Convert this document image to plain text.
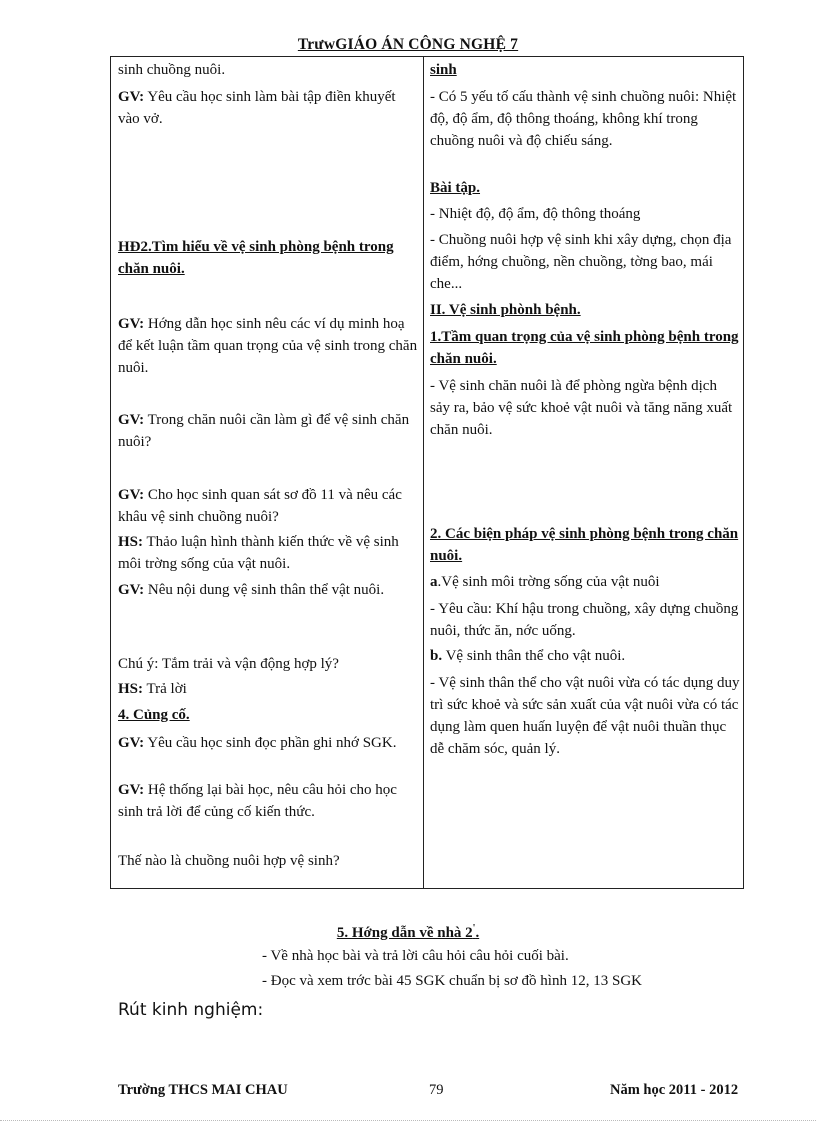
TrưwGIÁO ÁN CÔNG NGHỆ 7

sinh chuồng nuôi.

GV: Yêu cầu học sinh làm bài tập điền khuyết vào vở.

HĐ2.Tìm hiểu về vệ sinh phòng bệnh trong chăn nuôi.

GV: Hớng dẫn học sinh nêu các ví dụ minh hoạ để kết luận tầm quan trọng của vệ sinh trong chăn nuôi.

GV: Trong chăn nuôi cần làm gì để vệ sinh chăn nuôi?

GV: Cho học sinh quan sát sơ đồ 11 và nêu các khâu vệ sinh chuồng nuôi?

HS: Thảo luận hình thành kiến thức về vệ sinh môi trờng sống của vật nuôi.

GV: Nêu nội dung vệ sinh thân thể vật nuôi.

Chú ý: Tắm trải và vận động hợp lý?

HS: Trả lời

4. Củng cố.

GV: Yêu cầu học sinh đọc phần ghi nhớ SGK.

GV: Hệ thống lại bài học, nêu câu hỏi cho học sinh trả lời để củng cố kiến thức.

Thế nào là chuồng nuôi hợp vệ sinh?

sinh

- Có 5 yếu tố cấu thành vệ sinh chuồng nuôi: Nhiệt độ, độ ẩm, độ thông thoáng, không khí trong chuồng nuôi và độ chiếu sáng.

Bài tập.

- Nhiệt độ, độ ẩm, độ thông thoáng

- Chuồng nuôi hợp vệ sinh khi xây dựng, chọn địa điểm, hớng chuồng, nền chuồng, tờng bao, mái che...

II. Vệ sinh phònh bệnh.

1.Tầm quan trọng của vệ sinh phòng bệnh trong chăn nuôi.

- Vệ sinh chăn nuôi là để phòng ngừa bệnh dịch sảy ra, bảo vệ sức khoẻ vật nuôi và tăng năng xuất chăn nuôi.

2. Các biện pháp vệ sinh phòng bệnh trong chăn nuôi.

a.Vệ sinh môi trờng sống của vật nuôi

- Yêu cầu: Khí hậu trong chuồng, xây dựng chuồng nuôi, thức ăn, nớc uống.

b. Vệ sinh thân thể cho vật nuôi.

- Vệ sinh thân thể cho vật nuôi vừa có tác dụng duy trì sức khoẻ và sức sản xuất của vật nuôi vừa có tác dụng làm quen huấn luyện để vật nuôi thuần thục dễ chăm sóc, quản lý.

5. Hớng dẫn về nhà 2'.
- Về nhà học bài và trả lời câu hỏi câu hỏi cuối bài.
- Đọc và xem trớc bài 45 SGK chuẩn bị sơ đồ hình 12, 13 SGK
Rút kinh nghiệm:
Trường THCS MAI CHAU	79	Năm học 2011 - 2012
